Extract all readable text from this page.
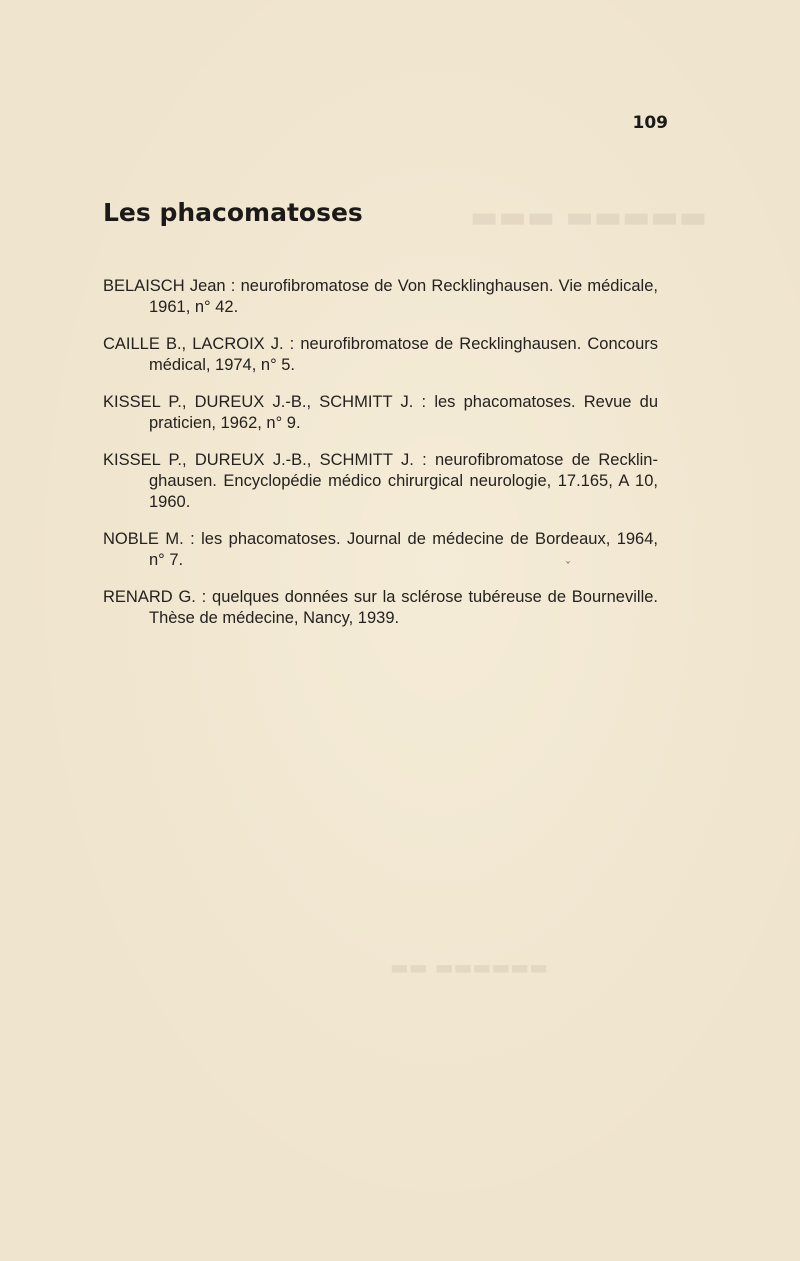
▬▬▬ ▬▬▬▬▬
▬▬ ▬▬▬▬▬▬
109
Les phacomatoses
BELAISCH Jean : neurofibromatose de Von Recklinghausen. Vie médicale, 1961, n° 42.
CAILLE B., LACROIX J. : neurofibromatose de Recklinghausen. Concours médical, 1974, n° 5.
KISSEL P., DUREUX J.-B., SCHMITT J. : les phacomatoses. Revue du praticien, 1962, n° 9.
KISSEL P., DUREUX J.-B., SCHMITT J. : neurofibromatose de Recklinghausen. Encyclopédie médico chirurgical neurologie, 17.165, A 10, 1960.
NOBLE M. : les phacomatoses. Journal de médecine de Bordeaux, 1964, n° 7.
RENARD G. : quelques données sur la sclérose tubéreuse de Bourneville. Thèse de médecine, Nancy, 1939.
ˇ
